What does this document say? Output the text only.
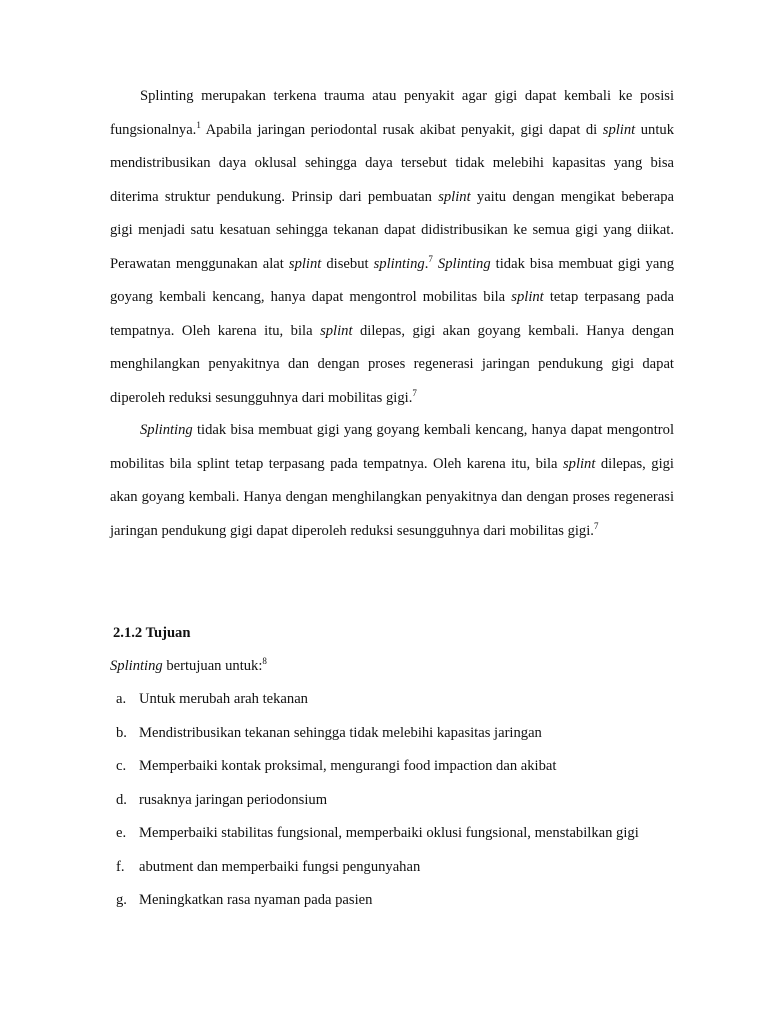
Splinting merupakan terkena trauma atau penyakit agar gigi dapat kembali ke posisi fungsionalnya.$^1$ Apabila jaringan periodontal rusak akibat penyakit, gigi dapat di splint untuk mendistribusikan daya oklusal sehingga daya tersebut tidak melebihi kapasitas yang bisa diterima struktur pendukung. Prinsip dari pembuatan splint yaitu dengan mengikat beberapa gigi menjadi satu kesatuan sehingga tekanan dapat didistribusikan ke semua gigi yang diikat. Perawatan menggunakan alat splint disebut splinting.$^7$ Splinting tidak bisa membuat gigi yang goyang kembali kencang, hanya dapat mengontrol mobilitas bila splint tetap terpasang pada tempatnya. Oleh karena itu, bila splint dilepas, gigi akan goyang kembali. Hanya dengan menghilangkan penyakitnya dan dengan proses regenerasi jaringan pendukung gigi dapat diperoleh reduksi sesungguhnya dari mobilitas gigi.$^7$

Splinting tidak bisa membuat gigi yang goyang kembali kencang, hanya dapat mengontrol mobilitas bila splint tetap terpasang pada tempatnya. Oleh karena itu, bila splint dilepas, gigi akan goyang kembali. Hanya dengan menghilangkan penyakitnya dan dengan proses regenerasi jaringan pendukung gigi dapat diperoleh reduksi sesungguhnya dari mobilitas gigi.$^7$

2.1.2 Tujuan

Splinting bertujuan untuk:$^8$

a. Untuk merubah arah tekanan
b. Mendistribusikan tekanan sehingga tidak melebihi kapasitas jaringan
c. Memperbaiki kontak proksimal, mengurangi food impaction dan akibat
d. rusaknya jaringan periodonsium
e. Memperbaiki stabilitas fungsional, memperbaiki oklusi fungsional, menstabilkan gigi
f. abutment dan memperbaiki fungsi pengunyahan
g. Meningkatkan rasa nyaman pada pasien
